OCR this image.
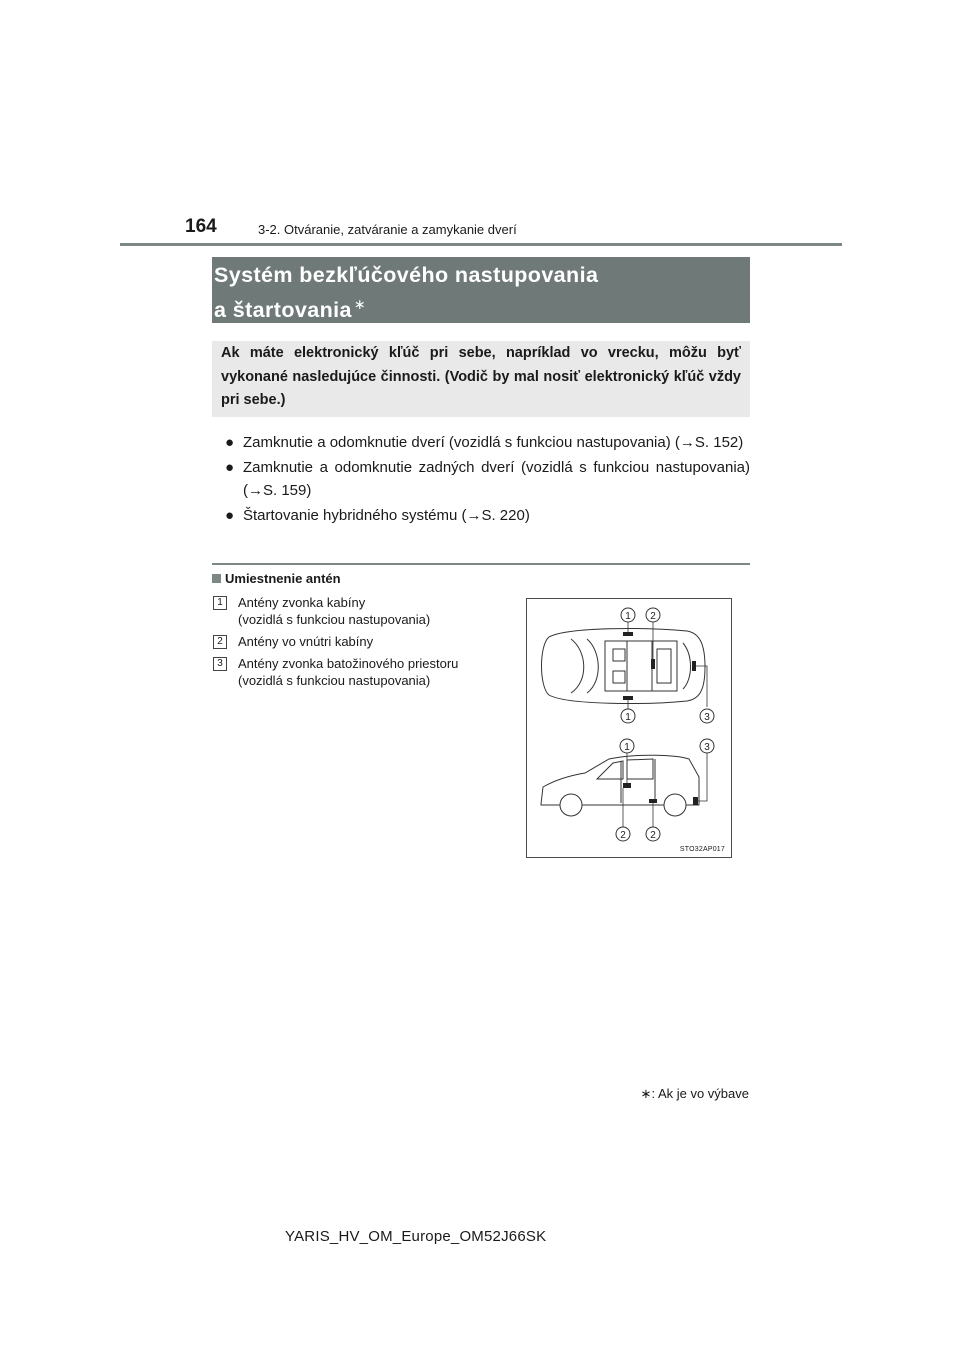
164	3-2. Otváranie, zatváranie a zamykanie dverí
Systém bezkľúčového nastupovania
a štartovania ∗
Ak máte elektronický kľúč pri sebe, napríklad vo vrecku, môžu byť vykonané nasledujúce činnosti. (Vodič by mal nosiť elektronický kľúč vždy pri sebe.)
● Zamknutie a odomknutie dverí (vozidlá s funkciou nastupovania) (→S. 152)
● Zamknutie a odomknutie zadných dverí (vozidlá s funkciou nastupovania) (→S. 159)
● Štartovanie hybridného systému (→S. 220)
Umiestnenie antén
1	Antény zvonka kabíny
(vozidlá s funkciou nastupovania)
2	Antény vo vnútri kabíny
3	Antény zvonka batožinového priestoru
(vozidlá s funkciou nastupovania)
1 2
1	3
1	3
2 2
STO32AP017
∗: Ak je vo výbave
YARIS_HV_OM_Europe_OM52J66SK
